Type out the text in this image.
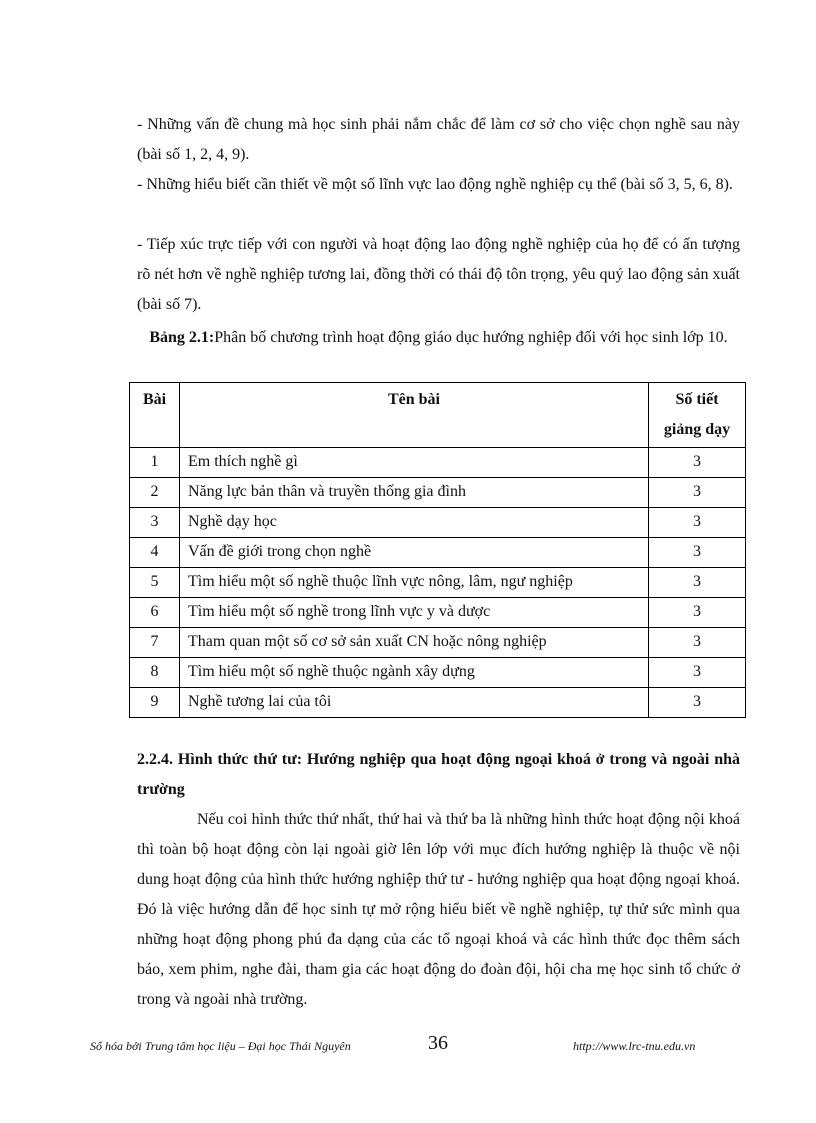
- Những vấn đề chung mà học sinh phải nắm chắc để làm cơ sở cho việc chọn nghề sau này (bài số 1, 2, 4, 9).

- Những hiểu biết cần thiết về một số lĩnh vực lao động nghề nghiệp cụ thể (bài số 3, 5, 6, 8).

- Tiếp xúc trực tiếp với con người và hoạt động lao động nghề nghiệp của họ để có ấn tượng rõ nét hơn về nghề nghiệp tương lai, đồng thời có thái độ tôn trọng, yêu quý lao động sản xuất (bài số 7).

Bảng 2.1:Phân bố chương trình hoạt động giáo dục hướng nghiệp đối với học sinh lớp 10.

Bài	Tên bài	Số tiết giảng dạy
1	Em thích nghề gì	3
2	Năng lực bản thân và truyền thống gia đình	3
3	Nghề dạy học	3
4	Vấn đề giới trong chọn nghề	3
5	Tìm hiểu một số nghề thuộc lĩnh vực nông, lâm, ngư nghiệp	3
6	Tìm hiểu một số nghề trong lĩnh vực y và dược	3
7	Tham quan một số cơ sở sản xuất CN hoặc nông nghiệp	3
8	Tìm hiểu một số nghề thuộc ngành xây dựng	3
9	Nghề tương lai của tôi	3

2.2.4. Hình thức thứ tư: Hướng nghiệp qua hoạt động ngoại khoá ở trong và ngoài nhà trường

Nếu coi hình thức thứ nhất, thứ hai và thứ ba là những hình thức hoạt động nội khoá thì toàn bộ hoạt động còn lại ngoài giờ lên lớp với mục đích hướng nghiệp là thuộc về nội dung hoạt động của hình thức hướng nghiệp thứ tư - hướng nghiệp qua hoạt động ngoại khoá. Đó là việc hướng dẫn để học sinh tự mở rộng hiểu biết về nghề nghiệp, tự thử sức mình qua những hoạt động phong phú đa dạng của các tổ ngoại khoá và các hình thức đọc thêm sách báo, xem phim, nghe đài, tham gia các hoạt động do đoàn đội, hội cha mẹ học sinh tổ chức ở trong và ngoài nhà trường.

Số hóa bởi Trung tâm học liệu – Đại học Thái Nguyên	36	http://www.lrc-tnu.edu.vn
